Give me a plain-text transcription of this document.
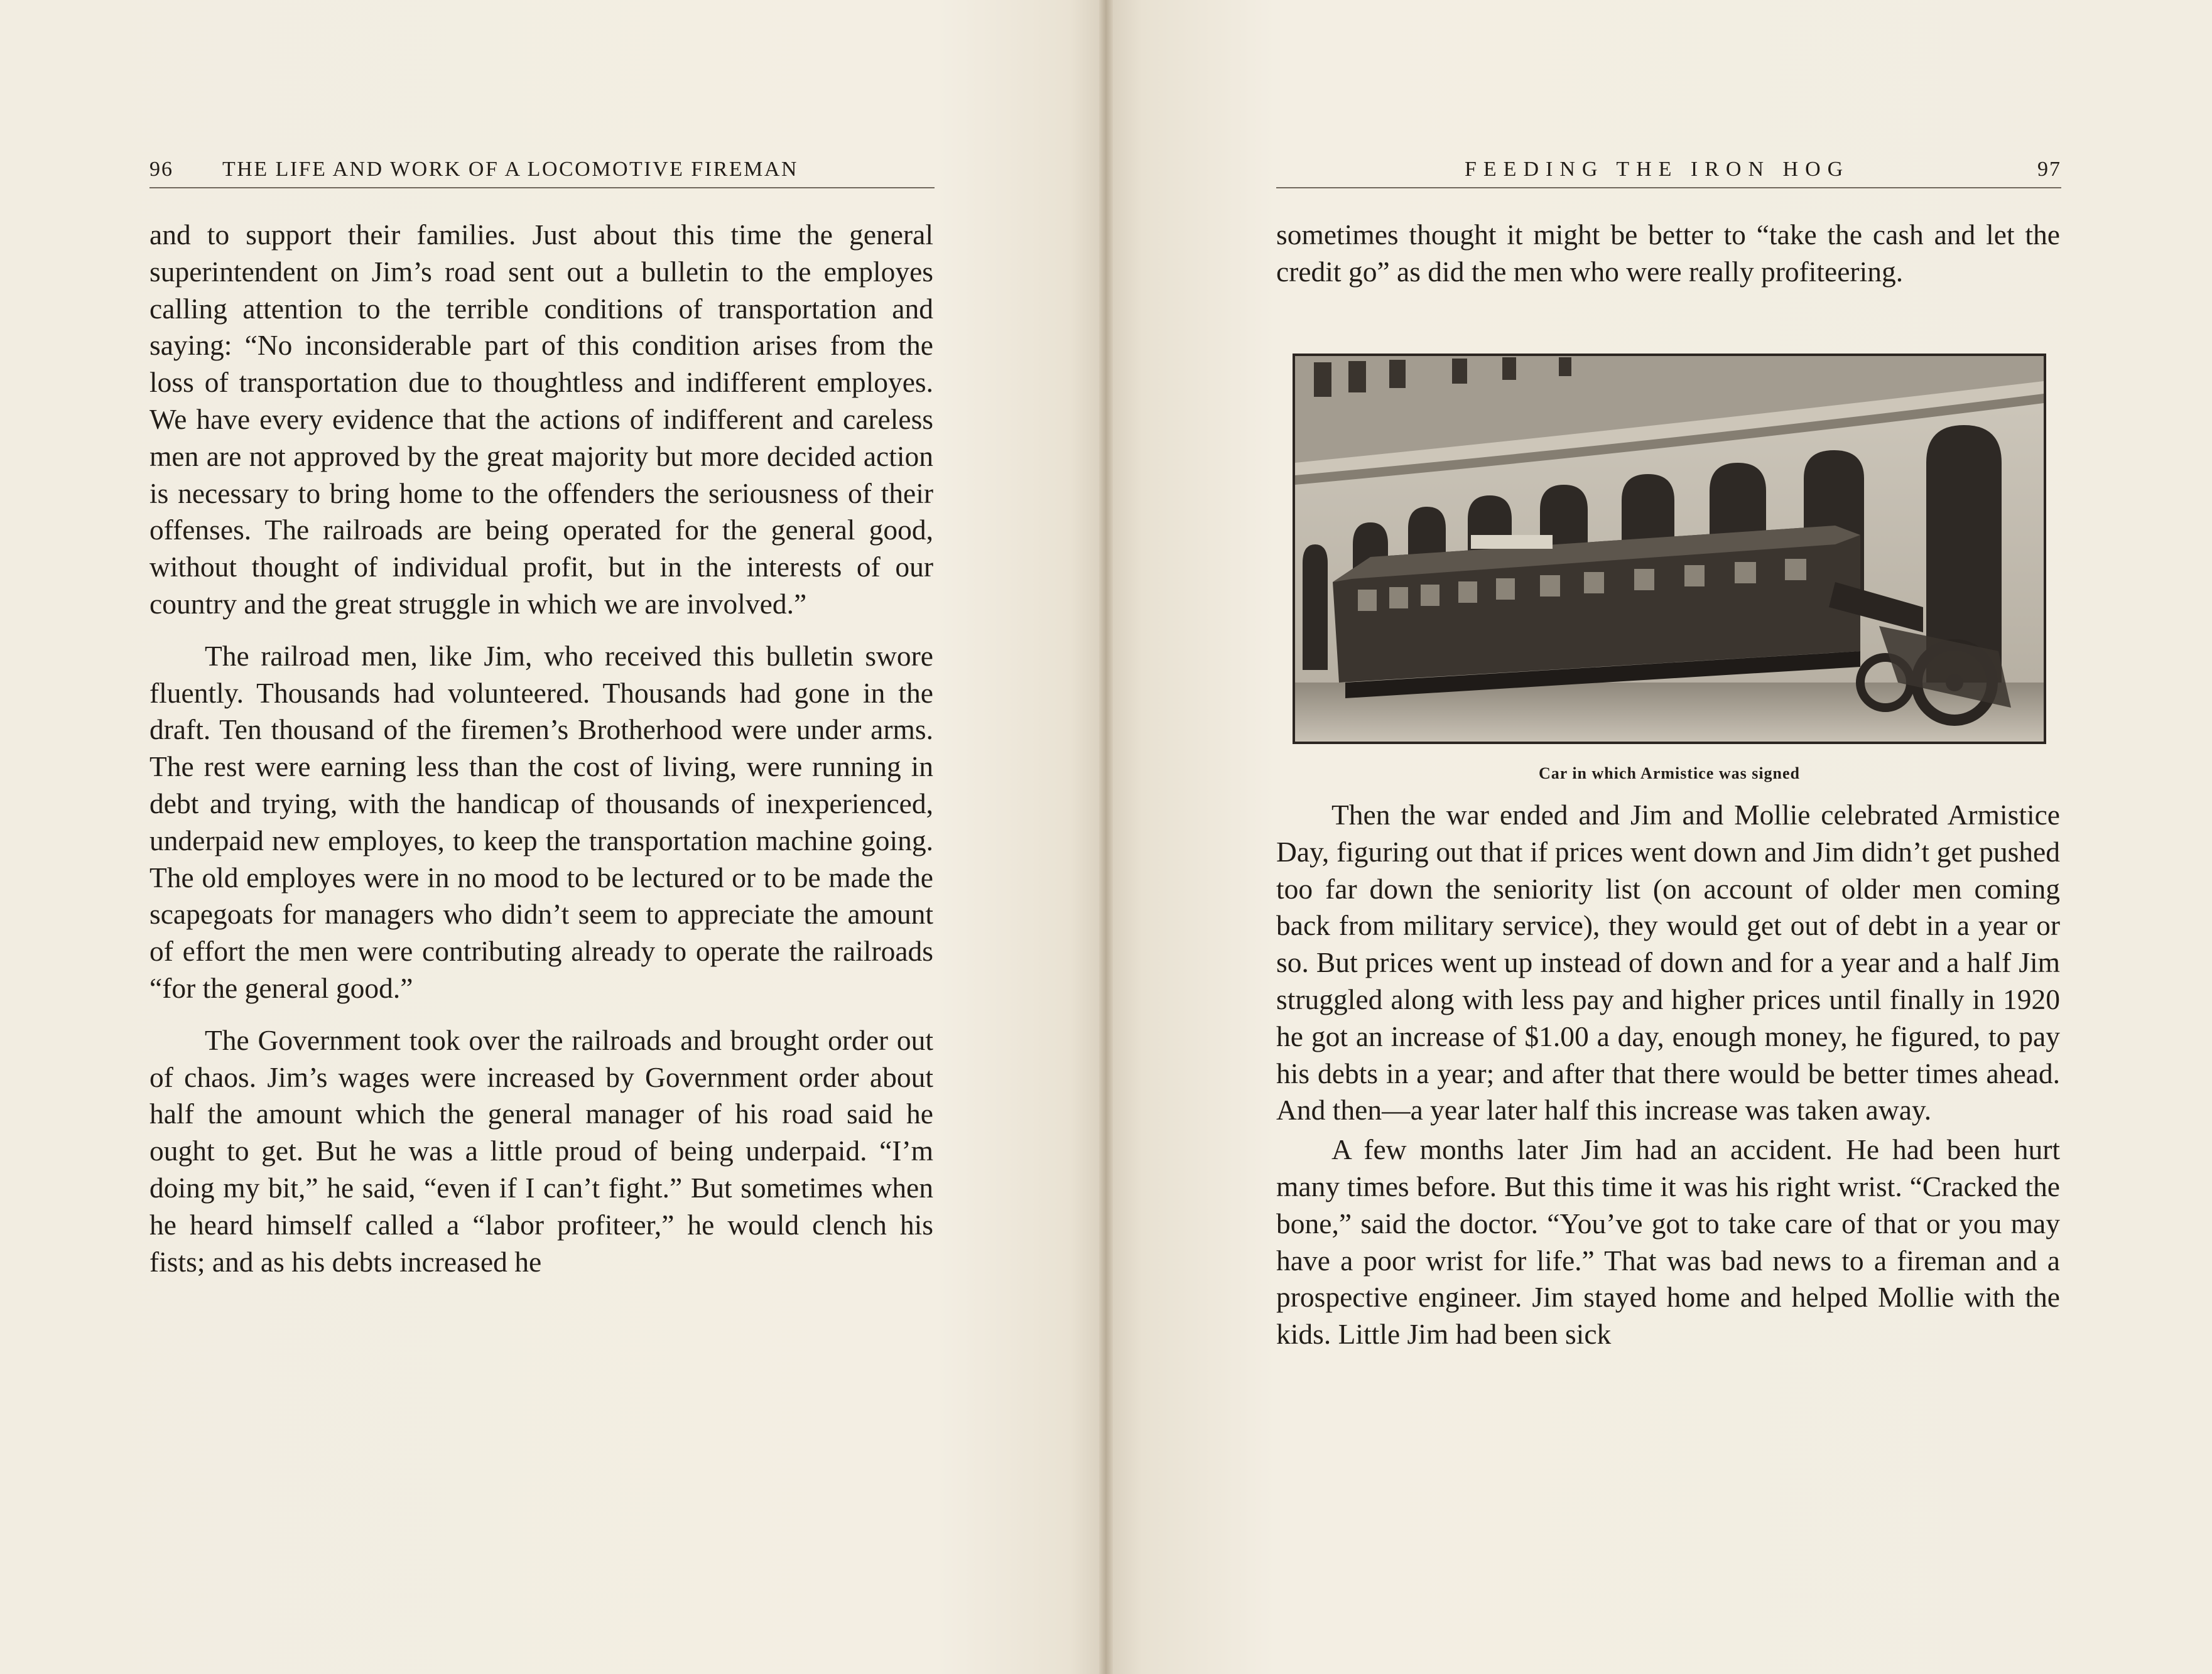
96 THE LIFE AND WORK OF A LOCOMOTIVE FIREMAN	FEEDING THE IRON HOG	97

and to support their families. Just about this time the general superintendent on Jim’s road sent out a bulletin to the employes calling attention to the terrible conditions of transportation and saying: “No inconsiderable part of this condition arises from the loss of transportation due to thoughtless and indifferent employes. We have every evidence that the actions of indifferent and careless men are not approved by the great majority but more decided action is necessary to bring home to the offenders the seriousness of their offenses. The railroads are being operated for the general good, without thought of individual profit, but in the interests of our country and the great struggle in which we are involved.”

The railroad men, like Jim, who received this bulletin swore fluently. Thousands had volunteered. Thousands had gone in the draft. Ten thousand of the firemen’s Brotherhood were under arms. The rest were earning less than the cost of living, were running in debt and trying, with the handicap of thousands of inexperienced, underpaid new employes, to keep the transportation machine going. The old employes were in no mood to be lectured or to be made the scapegoats for managers who didn’t seem to appreciate the amount of effort the men were contributing already to operate the railroads “for the general good.”

The Government took over the railroads and brought order out of chaos. Jim’s wages were increased by Government order about half the amount which the general manager of his road said he ought to get. But he was a little proud of being underpaid. “I’m doing my bit,” he said, “even if I can’t fight.” But sometimes when he heard himself called a “labor profiteer,” he would clench his fists; and as his debts increased he

sometimes thought it might be better to “take the cash and let the credit go” as did the men who were really profiteering.

Car in which Armistice was signed

Then the war ended and Jim and Mollie celebrated Armistice Day, figuring out that if prices went down and Jim didn’t get pushed too far down the seniority list (on account of older men coming back from military service), they would get out of debt in a year or so. But prices went up instead of down and for a year and a half Jim struggled along with less pay and higher prices until finally in 1920 he got an increase of $1.00 a day, enough money, he figured, to pay his debts in a year; and after that there would be better times ahead. And then—a year later half this increase was taken away.

A few months later Jim had an accident. He had been hurt many times before. But this time it was his right wrist. “Cracked the bone,” said the doctor. “You’ve got to take care of that or you may have a poor wrist for life.” That was bad news to a fireman and a prospective engineer. Jim stayed home and helped Mollie with the kids. Little Jim had been sick
